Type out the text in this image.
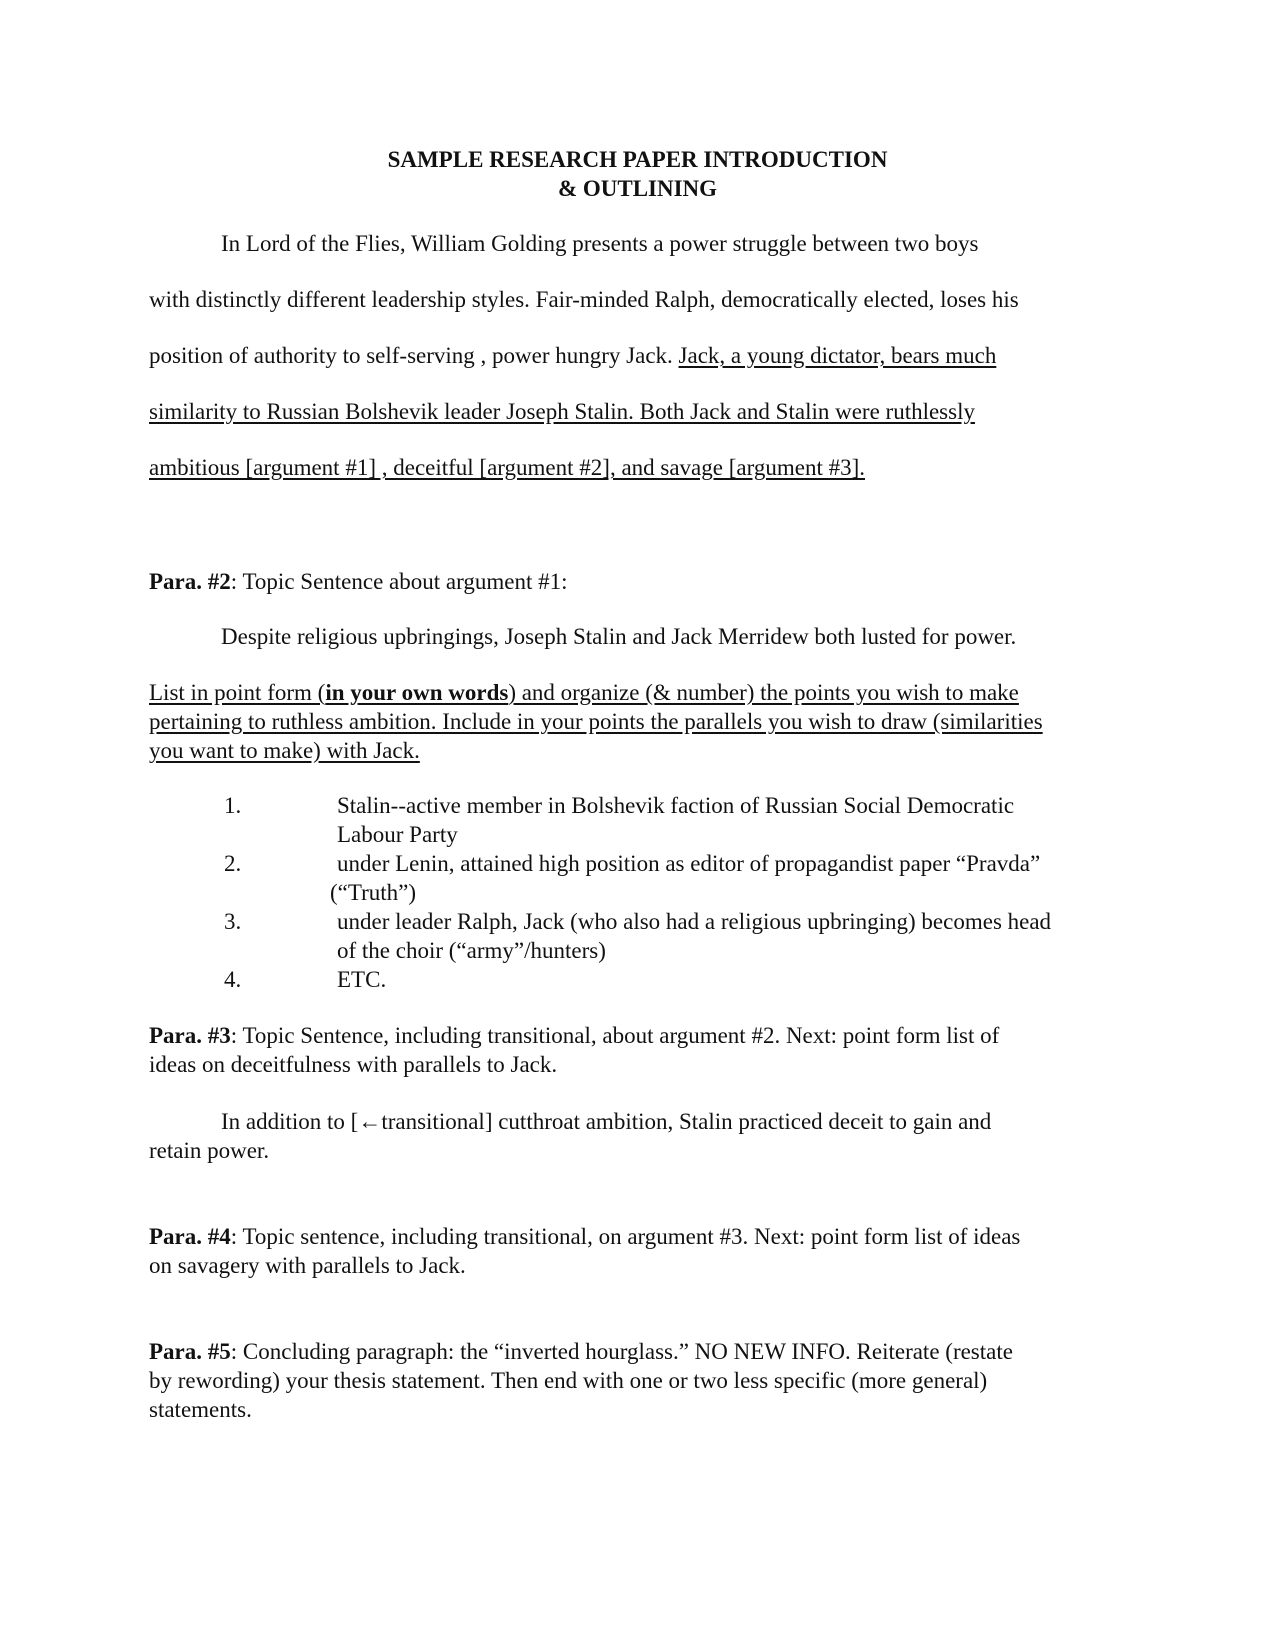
SAMPLE RESEARCH PAPER INTRODUCTION
& OUTLINING
In Lord of the Flies, William Golding presents a power struggle between two boys
with distinctly different leadership styles. Fair-minded Ralph, democratically elected, loses his
position of authority to self-serving , power hungry Jack. Jack, a young dictator, bears much
similarity to Russian Bolshevik leader Joseph Stalin. Both Jack and Stalin were ruthlessly
ambitious [argument #1] , deceitful [argument #2], and savage [argument #3].
Para. #2: Topic Sentence about argument #1:
Despite religious upbringings, Joseph Stalin and Jack Merridew both lusted for power.
List in point form (in your own words) and organize (& number) the points you wish to make
pertaining to ruthless ambition. Include in your points the parallels you wish to draw (similarities
you want to make) with Jack.
1.	Stalin--active member in Bolshevik faction of Russian Social Democratic
Labour Party
2.	under Lenin, attained high position as editor of propagandist paper “Pravda”
(“Truth”)
3.	under leader Ralph, Jack (who also had a religious upbringing) becomes head
of the choir (“army”/hunters)
4.	ETC.
Para. #3: Topic Sentence, including transitional, about argument #2. Next: point form list of
ideas on deceitfulness with parallels to Jack.
In addition to [←transitional] cutthroat ambition, Stalin practiced deceit to gain and
retain power.
Para. #4: Topic sentence, including transitional, on argument #3. Next: point form list of ideas
on savagery with parallels to Jack.
Para. #5: Concluding paragraph: the “inverted hourglass.” NO NEW INFO. Reiterate (restate
by rewording) your thesis statement. Then end with one or two less specific (more general)
statements.
